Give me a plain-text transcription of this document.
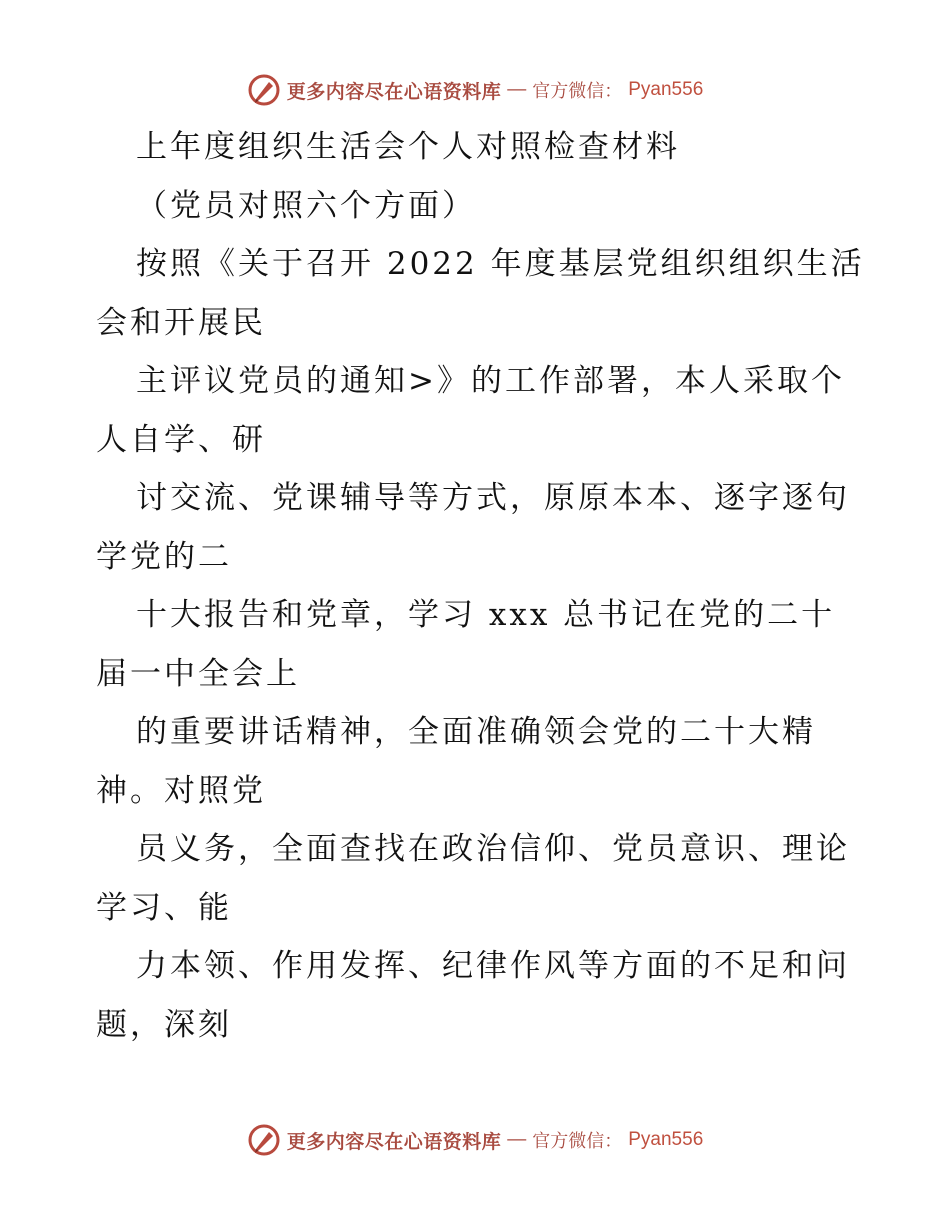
更多内容尽在心语资料库 — 官方微信： Pyan556
上年度组织生活会个人对照检查材料
（党员对照六个方面）
按照《关于召开 2022 年度基层党组织组织生活
会和开展民
主评议党员的通知>》的工作部署，本人采取个
人自学、研
讨交流、党课辅导等方式，原原本本、逐字逐句
学党的二
十大报告和党章，学习 xxx 总书记在党的二十
届一中全会上
的重要讲话精神，全面准确领会党的二十大精
神。对照党
员义务，全面查找在政治信仰、党员意识、理论
学习、能
力本领、作用发挥、纪律作风等方面的不足和问
题，深刻
更多内容尽在心语资料库 — 官方微信： Pyan556
